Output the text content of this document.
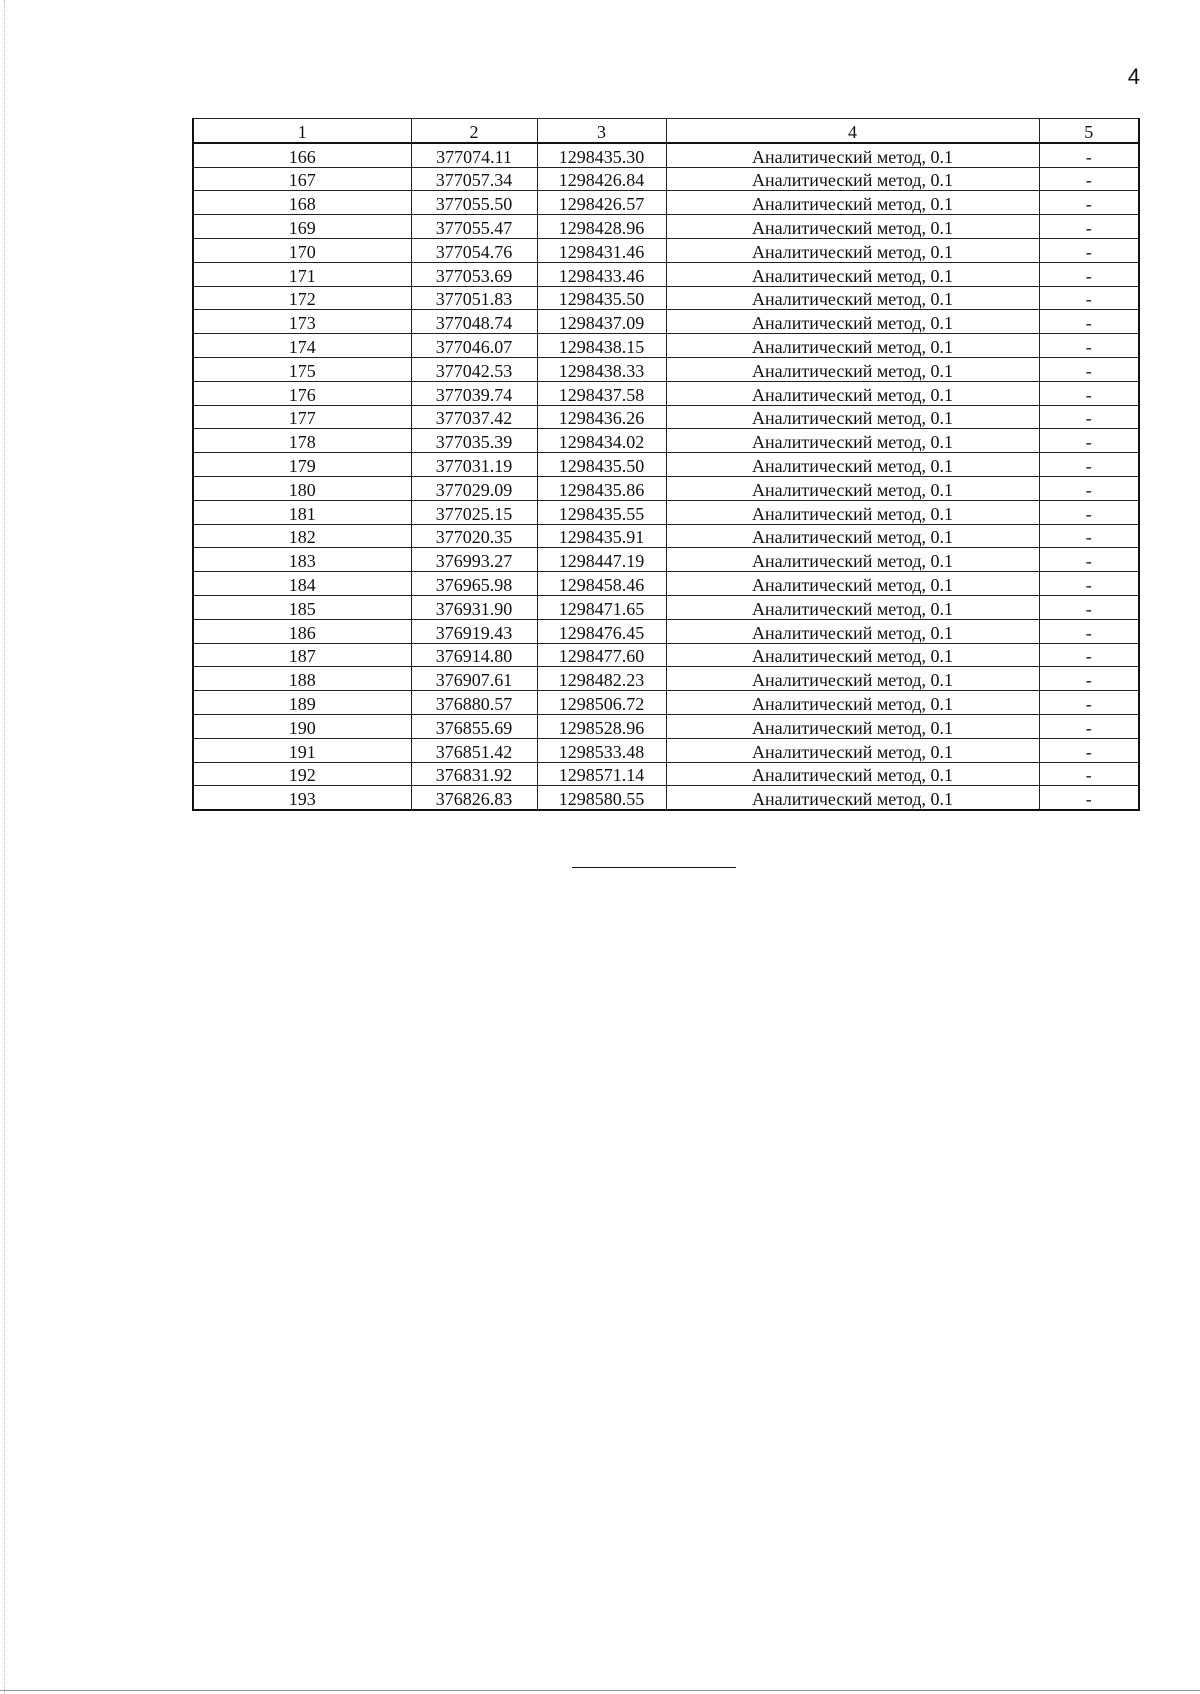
4
1	2	3	4	5
166	377074.11	1298435.30	Аналитический метод, 0.1	-
167	377057.34	1298426.84	Аналитический метод, 0.1	-
168	377055.50	1298426.57	Аналитический метод, 0.1	-
169	377055.47	1298428.96	Аналитический метод, 0.1	-
170	377054.76	1298431.46	Аналитический метод, 0.1	-
171	377053.69	1298433.46	Аналитический метод, 0.1	-
172	377051.83	1298435.50	Аналитический метод, 0.1	-
173	377048.74	1298437.09	Аналитический метод, 0.1	-
174	377046.07	1298438.15	Аналитический метод, 0.1	-
175	377042.53	1298438.33	Аналитический метод, 0.1	-
176	377039.74	1298437.58	Аналитический метод, 0.1	-
177	377037.42	1298436.26	Аналитический метод, 0.1	-
178	377035.39	1298434.02	Аналитический метод, 0.1	-
179	377031.19	1298435.50	Аналитический метод, 0.1	-
180	377029.09	1298435.86	Аналитический метод, 0.1	-
181	377025.15	1298435.55	Аналитический метод, 0.1	-
182	377020.35	1298435.91	Аналитический метод, 0.1	-
183	376993.27	1298447.19	Аналитический метод, 0.1	-
184	376965.98	1298458.46	Аналитический метод, 0.1	-
185	376931.90	1298471.65	Аналитический метод, 0.1	-
186	376919.43	1298476.45	Аналитический метод, 0.1	-
187	376914.80	1298477.60	Аналитический метод, 0.1	-
188	376907.61	1298482.23	Аналитический метод, 0.1	-
189	376880.57	1298506.72	Аналитический метод, 0.1	-
190	376855.69	1298528.96	Аналитический метод, 0.1	-
191	376851.42	1298533.48	Аналитический метод, 0.1	-
192	376831.92	1298571.14	Аналитический метод, 0.1	-
193	376826.83	1298580.55	Аналитический метод, 0.1	-
